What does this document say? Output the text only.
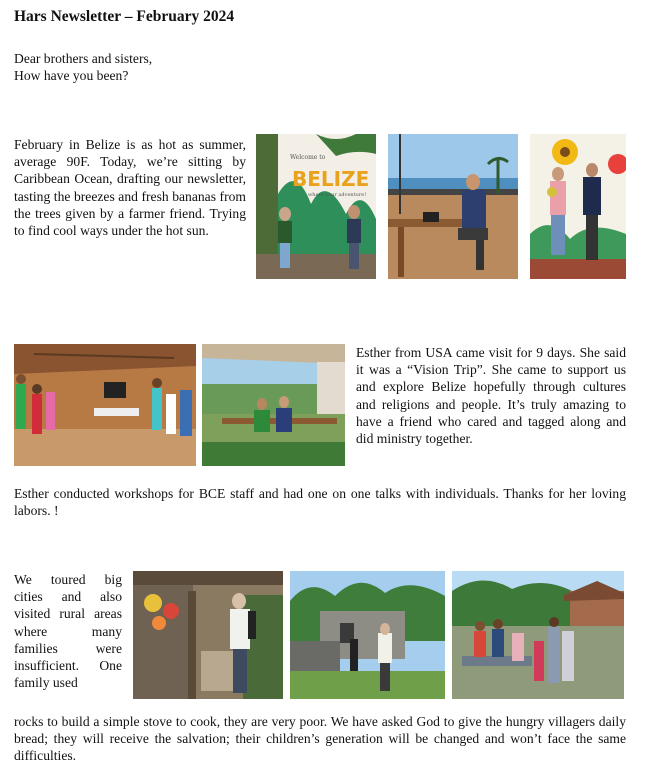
Hars Newsletter – February 2024
Dear brothers and sisters,
How have you been?
February in Belize is as hot as summer, average 90F. Today, we’re sitting by Caribbean Ocean, drafting our newsletter, tasting the breezes and fresh bananas from the trees given by a farmer friend. Trying to find cool ways under the hot sun.
Welcome to
BELIZE
where your adventure!
Esther from USA came visit for 9 days. She said it was a “Vision Trip”. She came to support us and explore Belize hopefully through cultures and religions and people. It’s truly amazing to have a friend who cared and tagged along and did ministry together.
Esther conducted workshops for BCE staff and had one on one talks with individuals. Thanks for her loving labors. !
We toured big cities and also visited rural areas where many families were insufficient. One family used
rocks to build a simple stove to cook, they are very poor. We have asked God to give the hungry villagers daily bread; they will receive the salvation; their children’s generation will be changed and won’t face the same difficulties.
